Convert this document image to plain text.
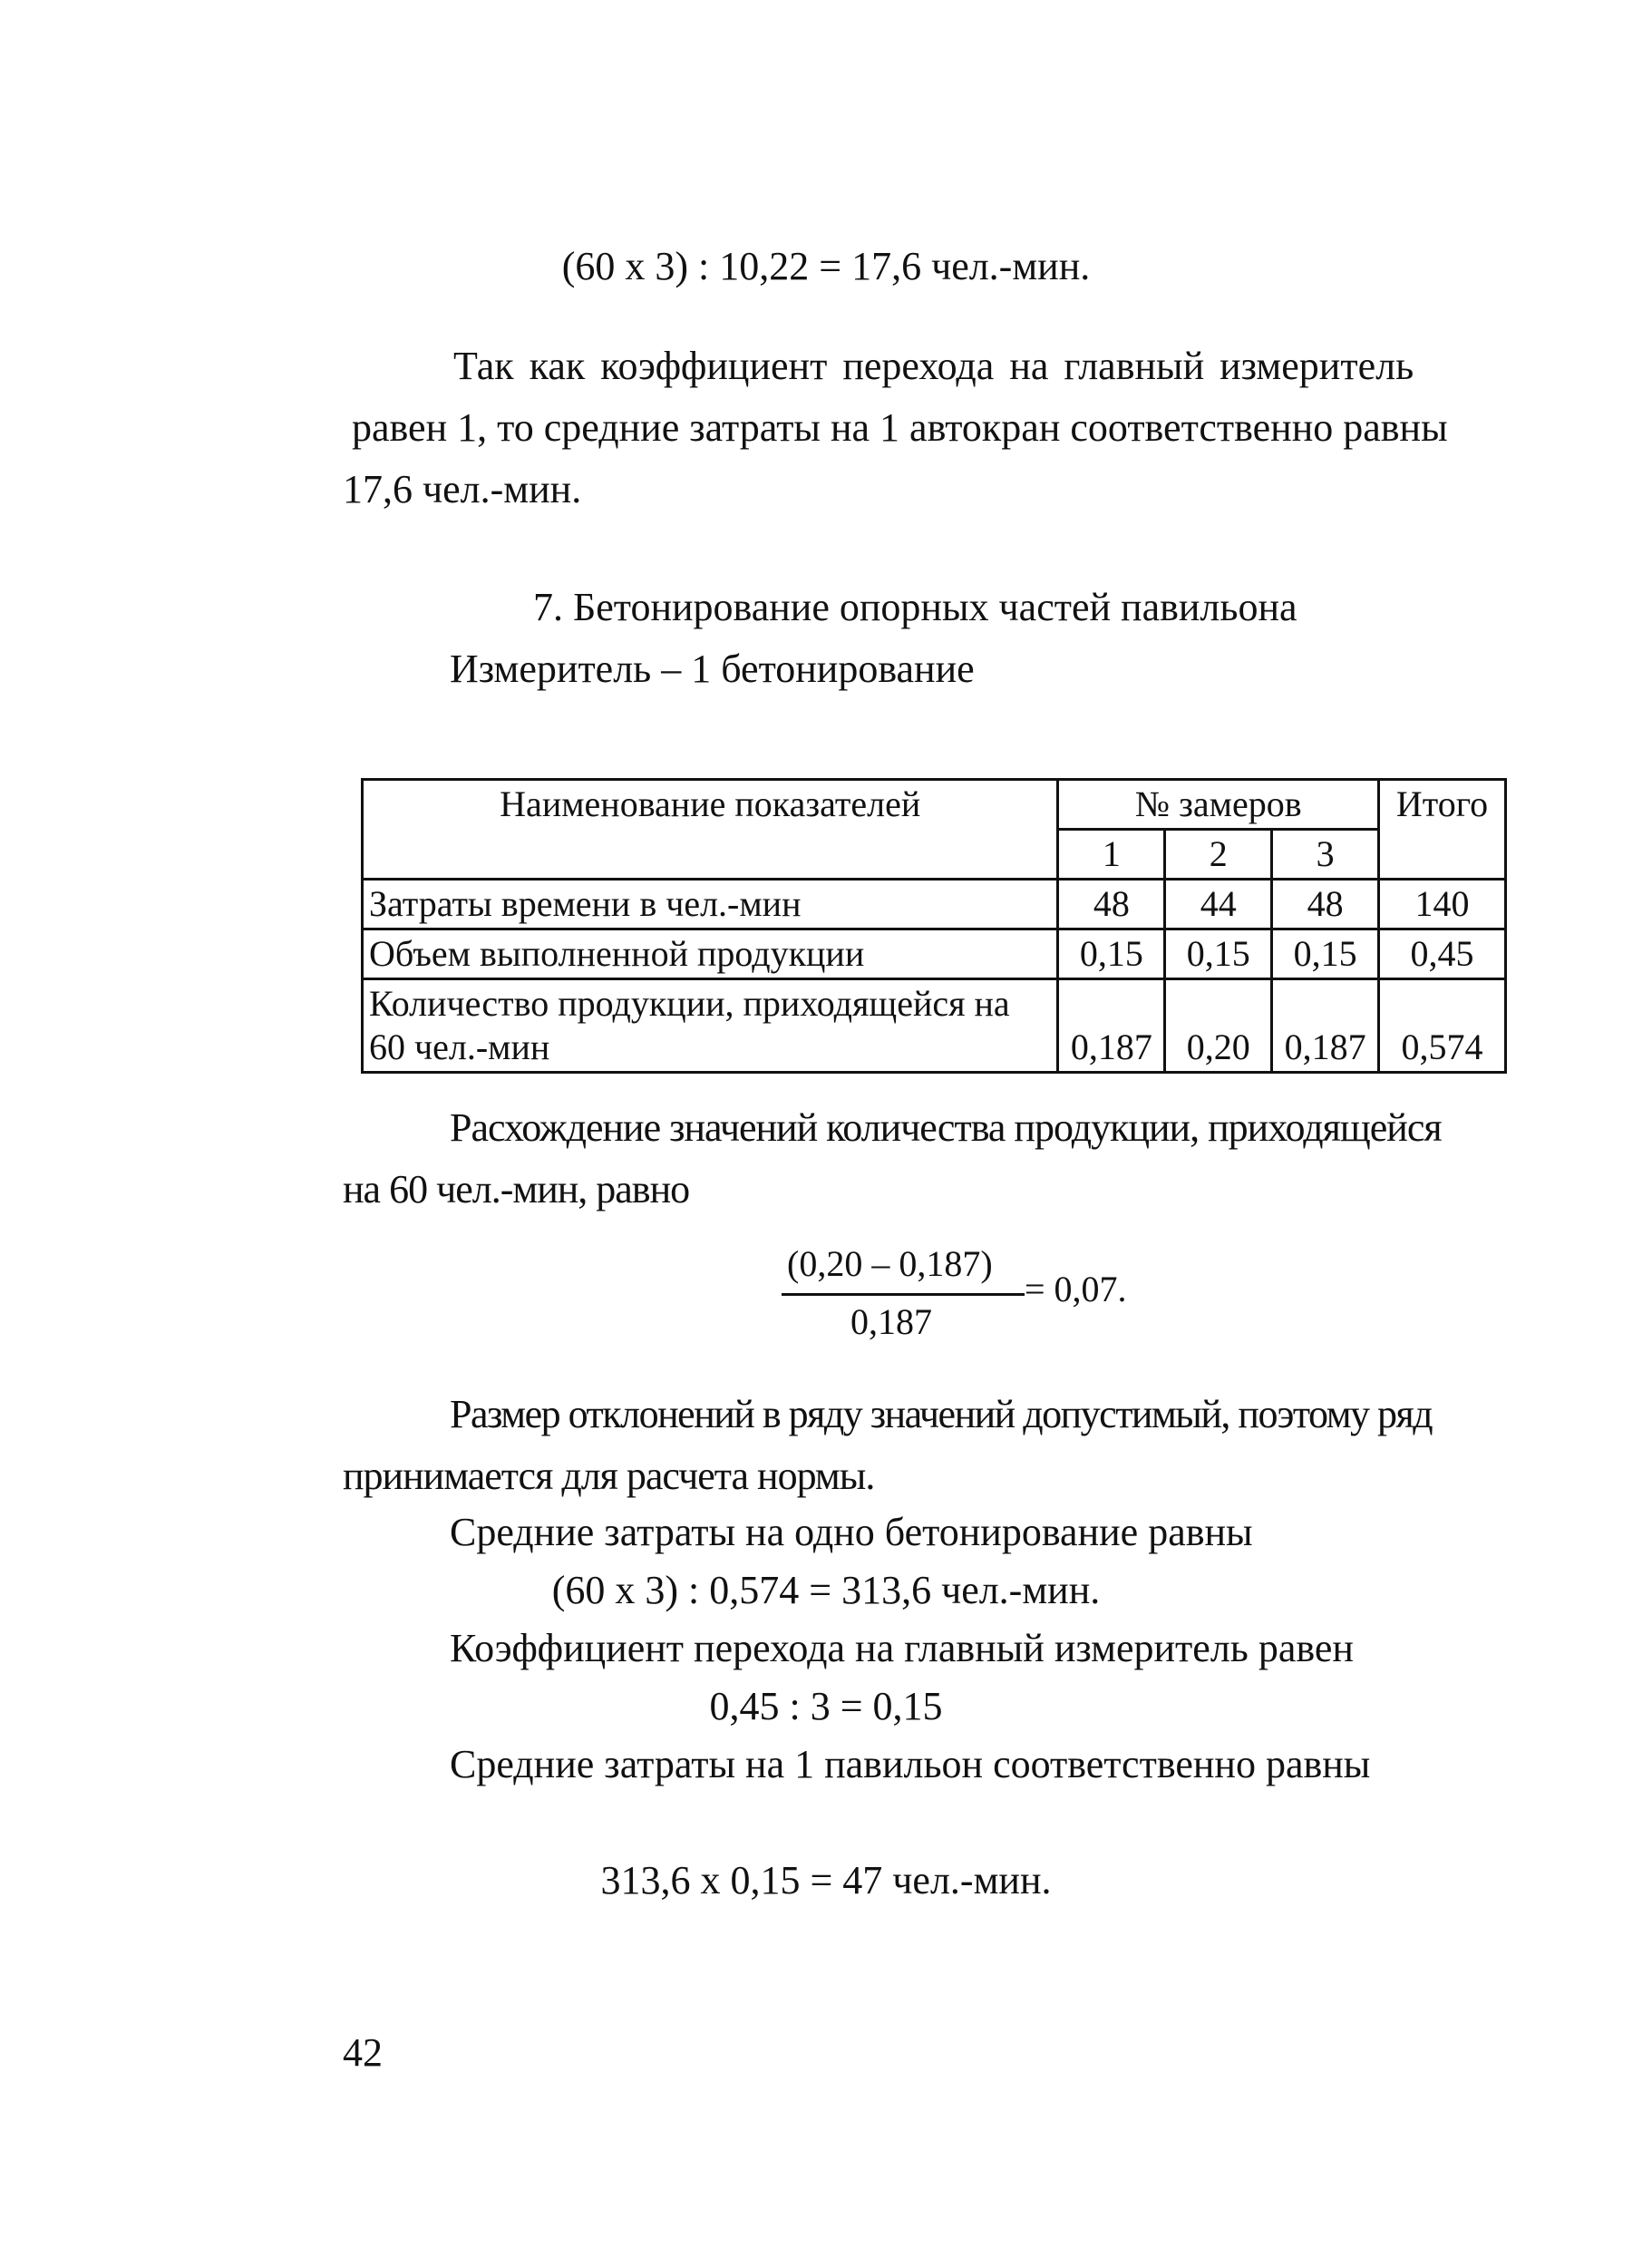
(60 х 3) : 10,22 = 17,6 чел.-мин.
Так как коэффициент перехода на главный измеритель
равен 1, то средние затраты на 1 автокран соответственно равны
17,6 чел.-мин.
7. Бетонирование опорных частей павильона
Измеритель – 1 бетонирование
Наименование показателей	№ замеров			Итого
	1	2	3	
Затраты времени в чел.-мин	48	44	48	140
Объем выполненной продукции	0,15	0,15	0,15	0,45
Количество продукции, приходящейся на 60 чел.-мин	0,187	0,20	0,187	0,574
Расхождение значений количества продукции, приходящейся
на 60 чел.-мин, равно
(0,20 – 0,187)
0,187
= 0,07.
Размер отклонений в ряду значений допустимый, поэтому ряд
принимается для расчета нормы.
Средние затраты на одно бетонирование равны
(60 х 3) : 0,574 = 313,6 чел.-мин.
Коэффициент перехода на главный измеритель равен
0,45 : 3 = 0,15
Средние затраты на 1 павильон соответственно равны
313,6 х 0,15 = 47 чел.-мин.
42
